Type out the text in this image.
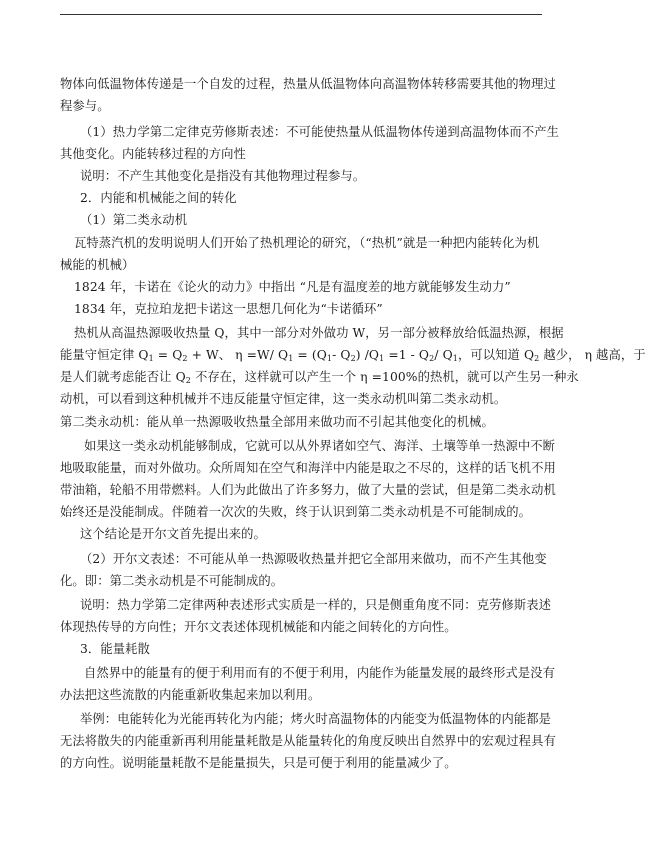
物体向低温物体传递是一个自发的过程，热量从低温物体向高温物体转移需要其他的物理过
程参与。
（1）热力学第二定律克劳修斯表述：不可能使热量从低温物体传递到高温物体而不产生
其他变化。内能转移过程的方向性
说明：不产生其他变化是指没有其他物理过程参与。
2．内能和机械能之间的转化
（1）第二类永动机
瓦特蒸汽机的发明说明人们开始了热机理论的研究，（“热机”就是一种把内能转化为机
械能的机械）
1824 年，卡诺在《论火的动力》中指出 “凡是有温度差的地方就能够发生动力”
1834 年，克拉珀龙把卡诺这一思想几何化为“卡诺循环”
热机从高温热源吸收热量 Q，其中一部分对外做功 W，另一部分被释放给低温热源，根据
能量守恒定律 $Q_1 = Q_2 + W$、 η =W/ $Q_1 = (Q_1-$ $Q_2$) $/Q_1 =1 - Q_2/$ $Q_1$，可以知道 $Q_2$ 越少， η 越高，于
是人们就考虑能否让 $Q_2$ 不存在，这样就可以产生一个 η =100%的热机，就可以产生另一种永
动机，可以看到这种机械并不违反能量守恒定律，这一类永动机叫第二类永动机。
第二类永动机：能从单一热源吸收热量全部用来做功而不引起其他变化的机械。
如果这一类永动机能够制成，它就可以从外界诸如空气、海洋、土壤等单一热源中不断
地吸取能量，而对外做功。众所周知在空气和海洋中内能是取之不尽的，这样的话飞机不用
带油箱，轮船不用带燃料。人们为此做出了许多努力，做了大量的尝试，但是第二类永动机
始终还是没能制成。伴随着一次次的失败，终于认识到第二类永动机是不可能制成的。
这个结论是开尔文首先提出来的。
（2）开尔文表述：不可能从单一热源吸收热量并把它全部用来做功，而不产生其他变
化。即：第二类永动机是不可能制成的。
说明：热力学第二定律两种表述形式实质是一样的，只是侧重角度不同：克劳修斯表述
体现热传导的方向性；开尔文表述体现机械能和内能之间转化的方向性。
3．能量耗散
自然界中的能量有的便于利用而有的不便于利用，内能作为能量发展的最终形式是没有
办法把这些流散的内能重新收集起来加以利用。
举例：电能转化为光能再转化为内能；烤火时高温物体的内能变为低温物体的内能都是
无法将散失的内能重新再利用能量耗散是从能量转化的角度反映出自然界中的宏观过程具有
的方向性。说明能量耗散不是能量损失，只是可便于利用的能量减少了。
